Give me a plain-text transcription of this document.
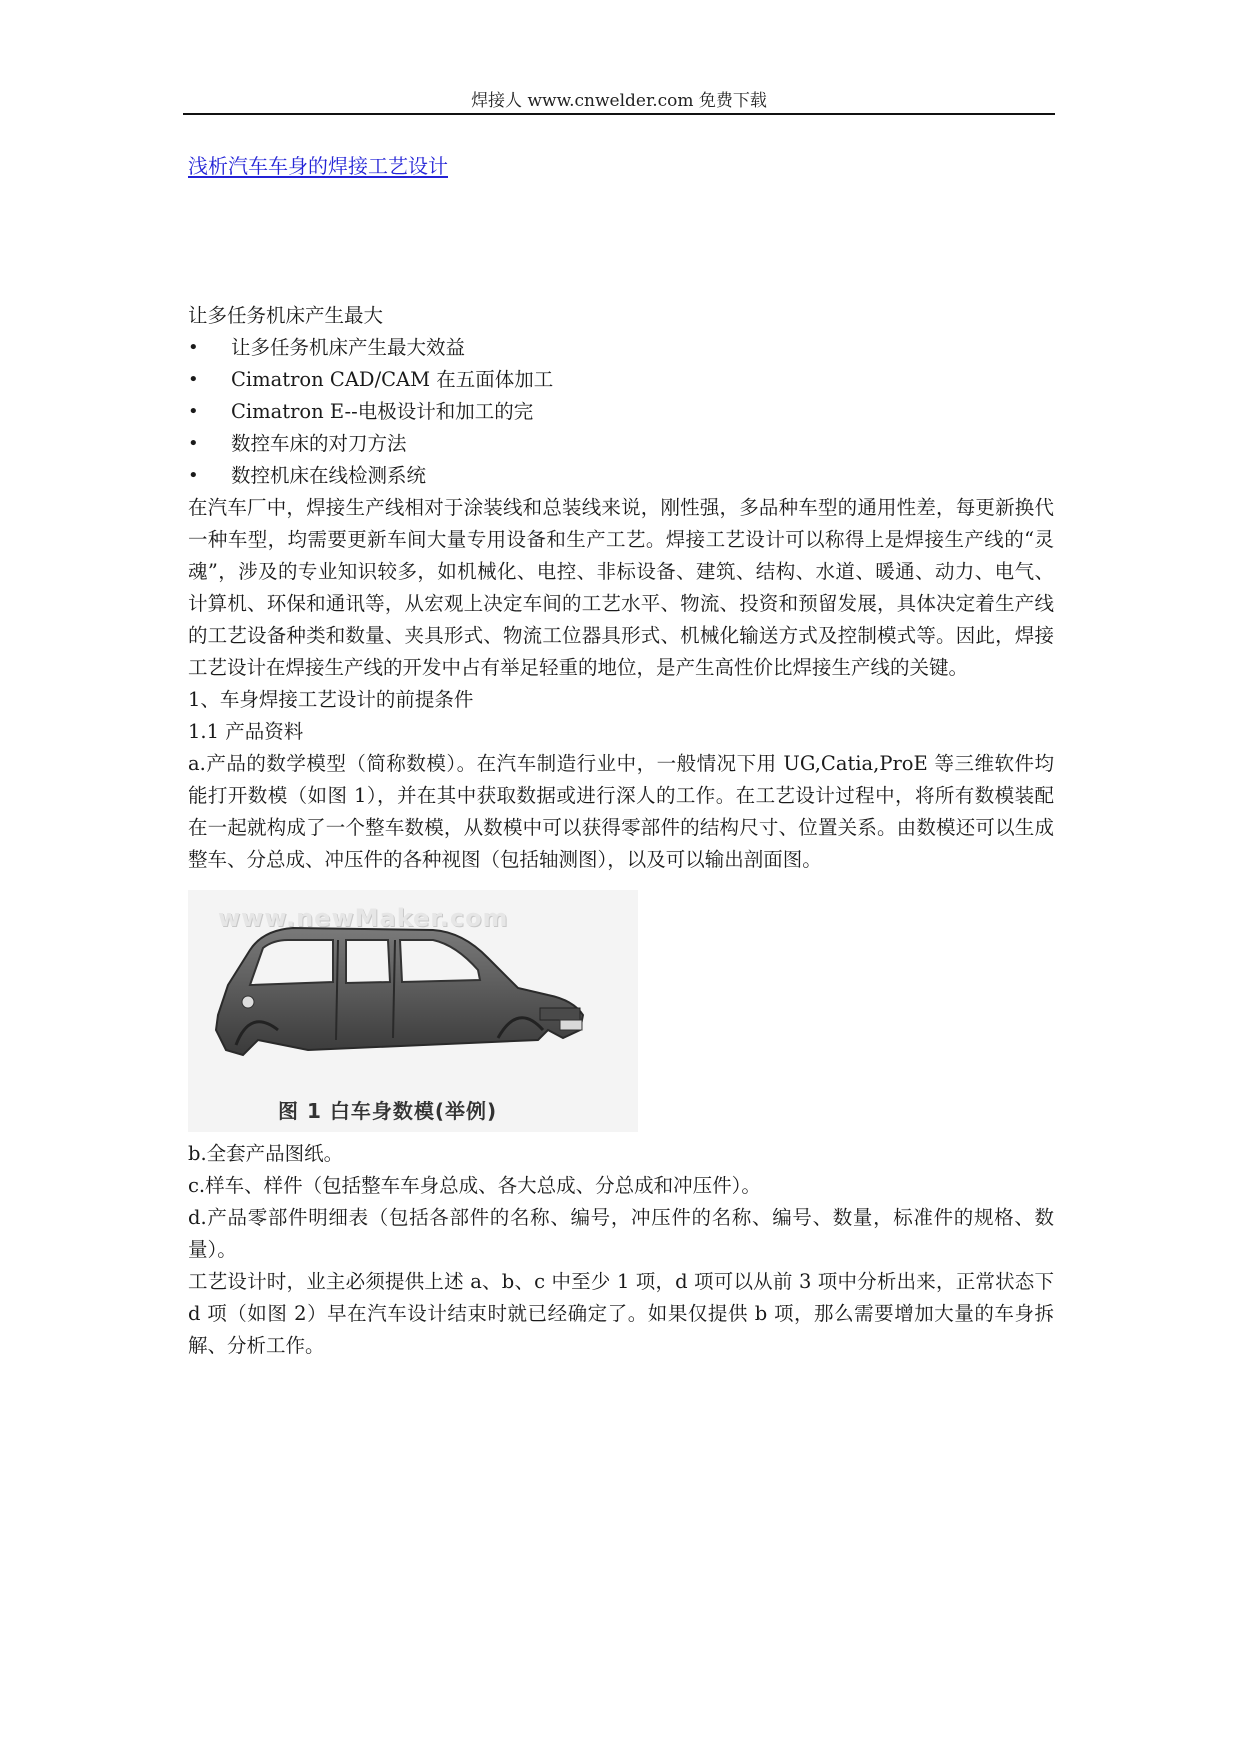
焊接人 www.cnwelder.com 免费下载
浅析汽车车身的焊接工艺设计
让多任务机床产生最大
• 让多任务机床产生最大效益
• Cimatron CAD/CAM 在五面体加工
• Cimatron E--电极设计和加工的完
• 数控车床的对刀方法
• 数控机床在线检测系统

在汽车厂中，焊接生产线相对于涂装线和总装线来说，刚性强，多品种车型的通用性差，每更新换代一种车型，均需要更新车间大量专用设备和生产工艺。焊接工艺设计可以称得上是焊接生产线的“灵魂”，涉及的专业知识较多，如机械化、电控、非标设备、建筑、结构、水道、暖通、动力、电气、计算机、环保和通讯等，从宏观上决定车间的工艺水平、物流、投资和预留发展，具体决定着生产线的工艺设备种类和数量、夹具形式、物流工位器具形式、机械化输送方式及控制模式等。因此，焊接工艺设计在焊接生产线的开发中占有举足轻重的地位，是产生高性价比焊接生产线的关键。

1、车身焊接工艺设计的前提条件
1.1 产品资料

a.产品的数学模型（简称数模）。在汽车制造行业中，一般情况下用 UG,Catia,ProE 等三维软件均能打开数模（如图 1），并在其中获取数据或进行深人的工作。在工艺设计过程中，将所有数模装配在一起就构成了一个整车数模，从数模中可以获得零部件的结构尺寸、位置关系。由数模还可以生成整车、分总成、冲压件的各种视图（包括轴测图），以及可以输出剖面图。

www.newMaker.com
图 1 白车身数模(举例)

b.全套产品图纸。

c.样车、样件（包括整车车身总成、各大总成、分总成和冲压件）。

d.产品零部件明细表（包括各部件的名称、编号，冲压件的名称、编号、数量，标准件的规格、数量）。

工艺设计时，业主必须提供上述 a、b、c 中至少 1 项，d 项可以从前 3 项中分析出来，正常状态下 d 项（如图 2）早在汽车设计结束时就已经确定了。如果仅提供 b 项，那么需要增加大量的车身拆解、分析工作。
